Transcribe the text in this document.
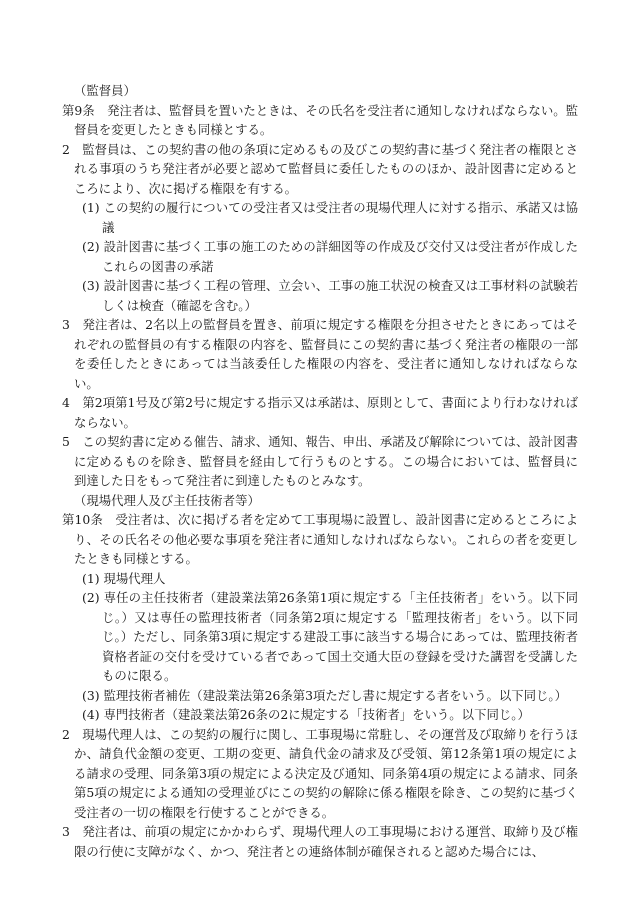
（監督員）

第9条　発注者は、監督員を置いたときは、その氏名を受注者に通知しなければならない。監督員を変更したときも同様とする。

2　監督員は、この契約書の他の条項に定めるもの及びこの契約書に基づく発注者の権限とされる事項のうち発注者が必要と認めて監督員に委任したもののほか、設計図書に定めるところにより、次に掲げる権限を有する。

(1) この契約の履行についての受注者又は受注者の現場代理人に対する指示、承諾又は協議

(2) 設計図書に基づく工事の施工のための詳細図等の作成及び交付又は受注者が作成したこれらの図書の承諾

(3) 設計図書に基づく工程の管理、立会い、工事の施工状況の検査又は工事材料の試験若しくは検査（確認を含む。）

3　発注者は、2名以上の監督員を置き、前項に規定する権限を分担させたときにあってはそれぞれの監督員の有する権限の内容を、監督員にこの契約書に基づく発注者の権限の一部を委任したときにあっては当該委任した権限の内容を、受注者に通知しなければならない。

4　第2項第1号及び第2号に規定する指示又は承諾は、原則として、書面により行わなければならない。

5　この契約書に定める催告、請求、通知、報告、申出、承諾及び解除については、設計図書に定めるものを除き、監督員を経由して行うものとする。この場合においては、監督員に到達した日をもって発注者に到達したものとみなす。

（現場代理人及び主任技術者等）

第10条　受注者は、次に掲げる者を定めて工事現場に設置し、設計図書に定めるところにより、その氏名その他必要な事項を発注者に通知しなければならない。これらの者を変更したときも同様とする。

(1) 現場代理人

(2) 専任の主任技術者（建設業法第26条第1項に規定する「主任技術者」をいう。以下同じ。）又は専任の監理技術者（同条第2項に規定する「監理技術者」をいう。以下同じ。）ただし、同条第3項に規定する建設工事に該当する場合にあっては、監理技術者資格者証の交付を受けている者であって国土交通大臣の登録を受けた講習を受講したものに限る。

(3) 監理技術者補佐（建設業法第26条第3項ただし書に規定する者をいう。以下同じ。）

(4) 専門技術者（建設業法第26条の2に規定する「技術者」をいう。以下同じ。）

2　現場代理人は、この契約の履行に関し、工事現場に常駐し、その運営及び取締りを行うほか、請負代金額の変更、工期の変更、請負代金の請求及び受領、第12条第1項の規定による請求の受理、同条第3項の規定による決定及び通知、同条第4項の規定による請求、同条第5項の規定による通知の受理並びにこの契約の解除に係る権限を除き、この契約に基づく受注者の一切の権限を行使することができる。

3　発注者は、前項の規定にかかわらず、現場代理人の工事現場における運営、取締り及び権限の行使に支障がなく、かつ、発注者との連絡体制が確保されると認めた場合には、
